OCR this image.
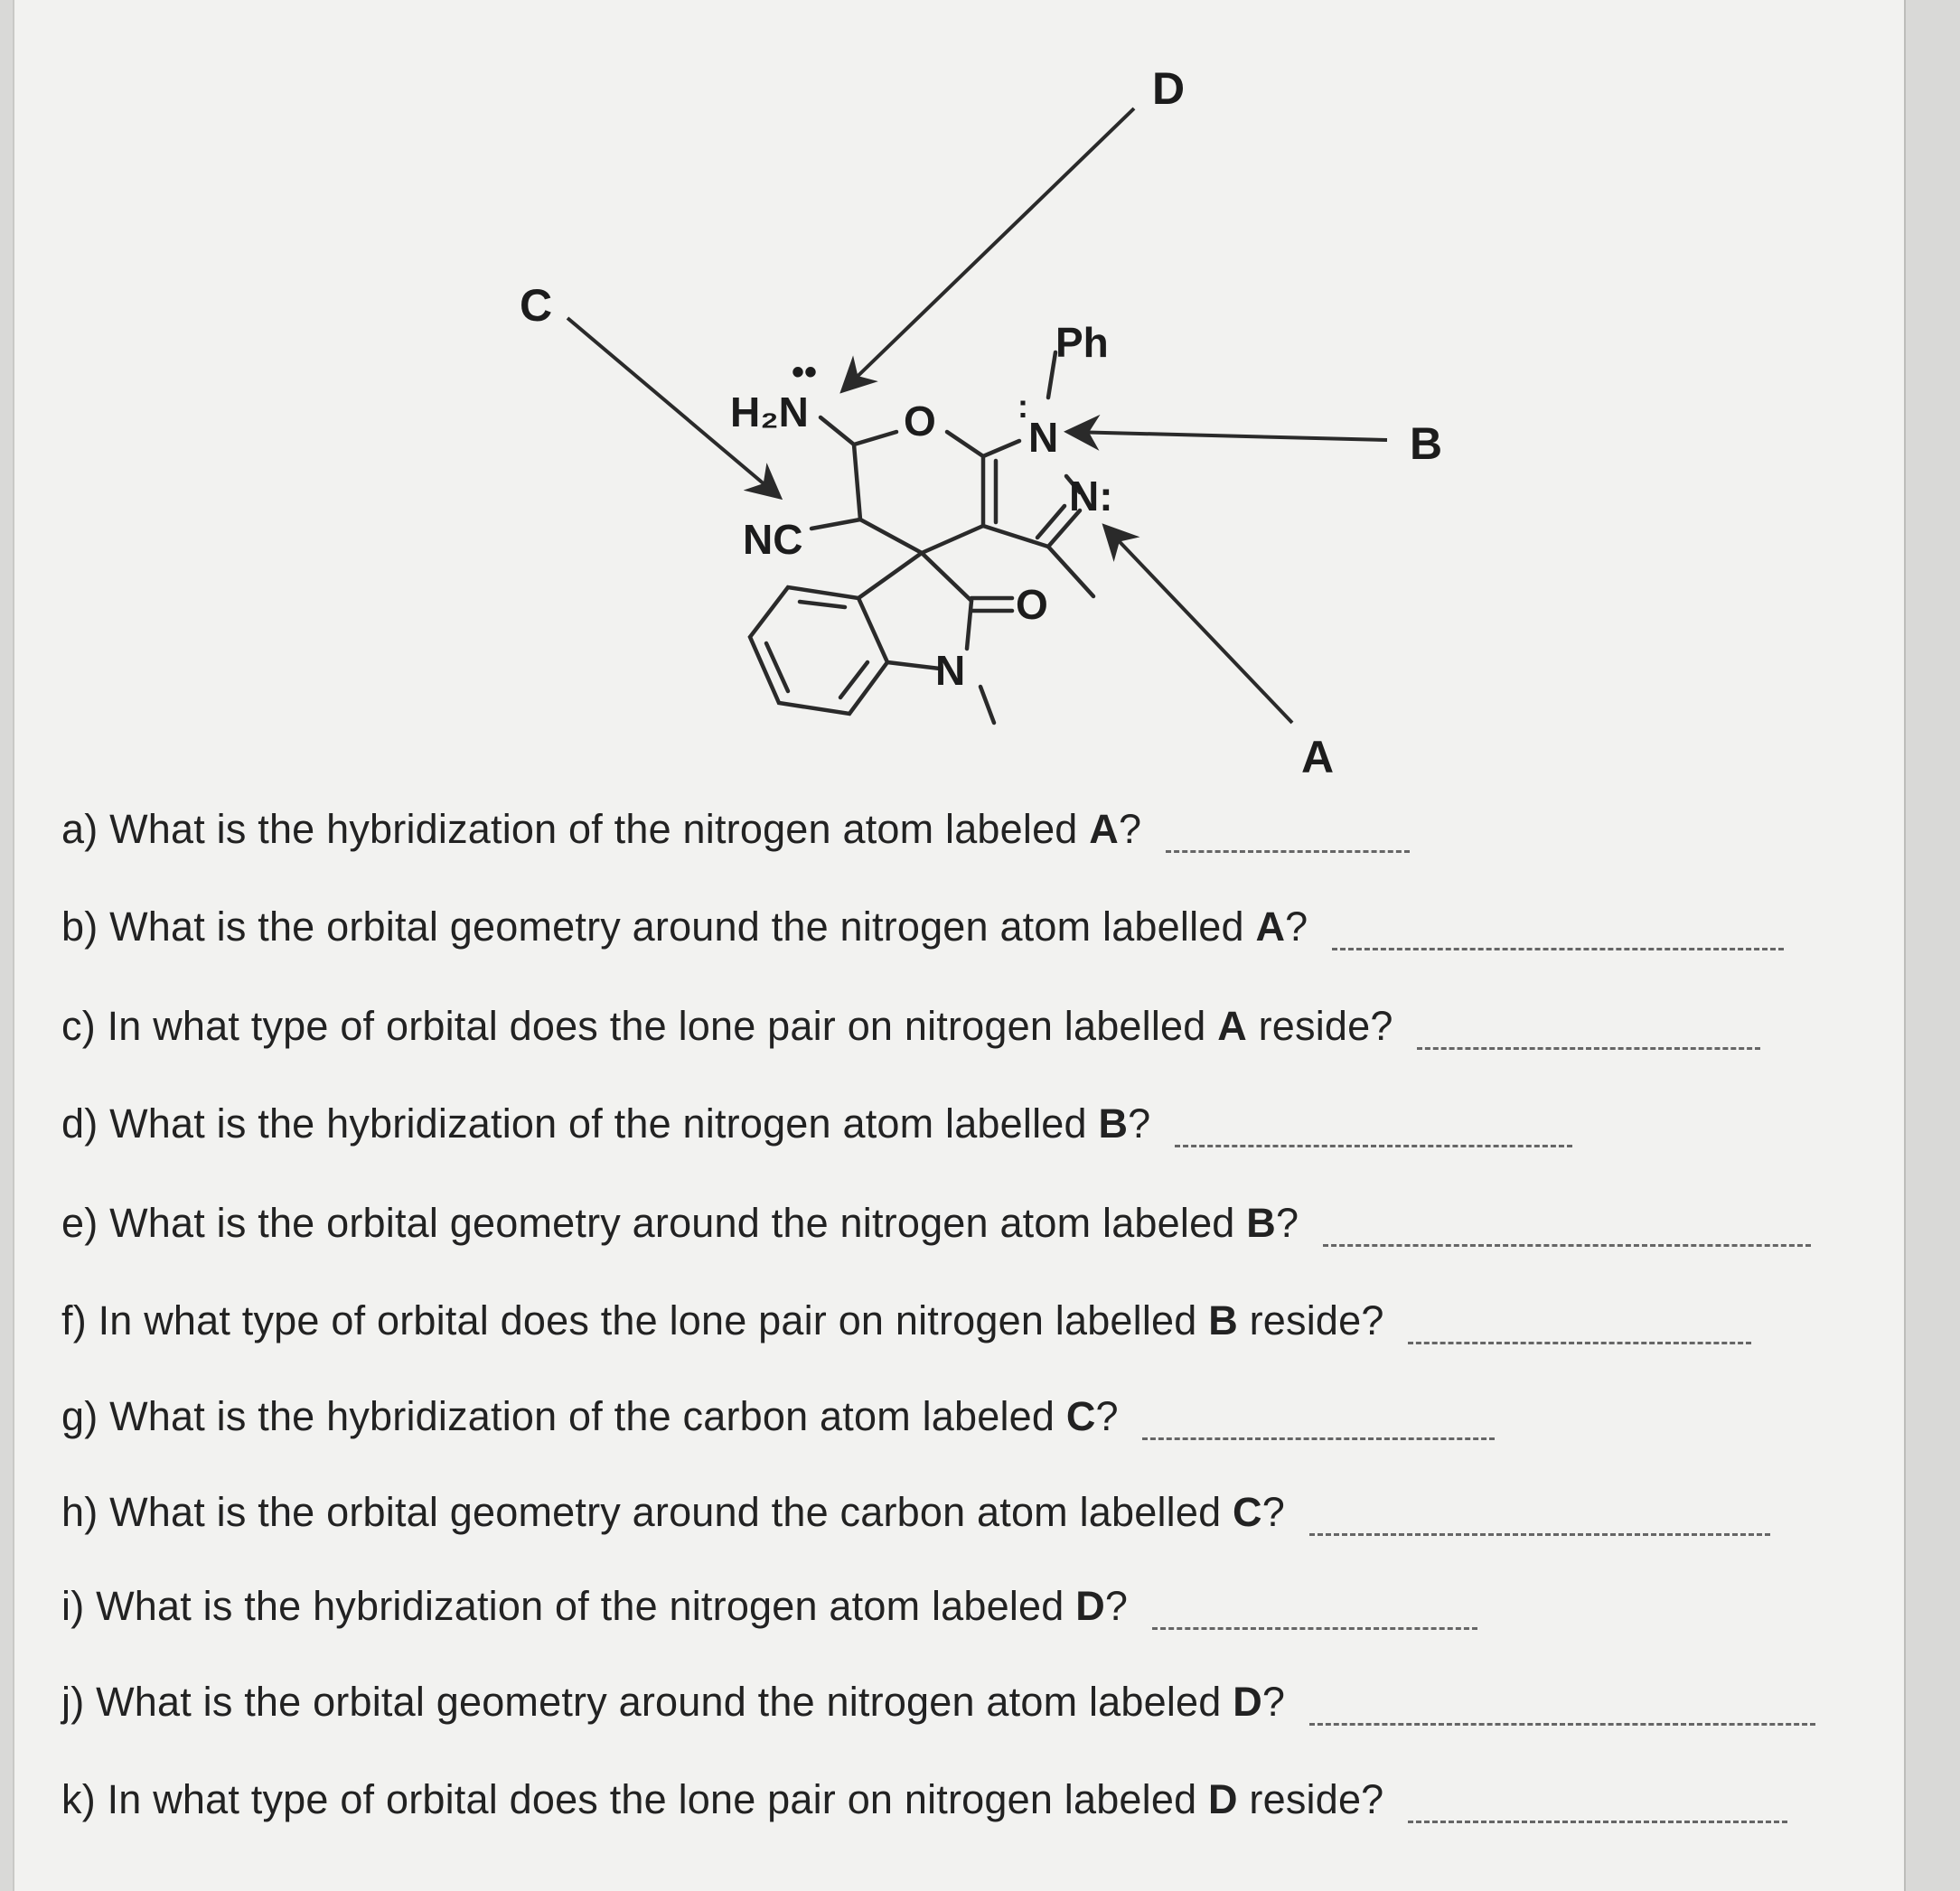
H₂N
••
NC
O N
:
Ph
N:
O
N
D
C
B
A
a) What is the hybridization of the nitrogen atom labeled A?
b) What is the orbital geometry around the nitrogen atom labelled A?
c) In what type of orbital does the lone pair on nitrogen labelled A reside?
d) What is the hybridization of the nitrogen atom labelled B?
e) What is the orbital geometry around the nitrogen atom labeled B?
f) In what type of orbital does the lone pair on nitrogen labelled B reside?
g) What is the hybridization of the carbon atom labeled C?
h) What is the orbital geometry around the carbon atom labelled C?
i) What is the hybridization of the nitrogen atom labeled D?
j) What is the orbital geometry around the nitrogen atom labeled D?
k) In what type of orbital does the lone pair on nitrogen labeled D reside?
